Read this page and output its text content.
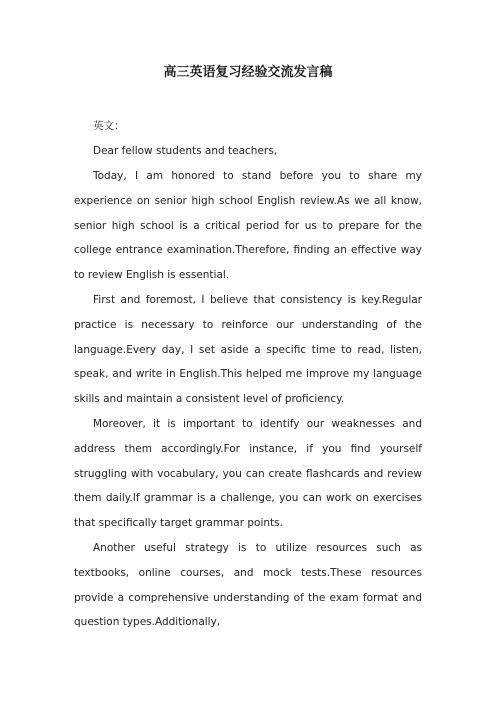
高三英语复习经验交流发言稿

英文：

Dear fellow students and teachers,

Today, I am honored to stand before you to share my experience on senior high school English review.As we all know, senior high school is a critical period for us to prepare for the college entrance examination.Therefore, finding an effective way to review English is essential.

First and foremost, I believe that consistency is key.Regular practice is necessary to reinforce our understanding of the language.Every day, I set aside a specific time to read, listen, speak, and write in English.This helped me improve my language skills and maintain a consistent level of proficiency.

Moreover, it is important to identify our weaknesses and address them accordingly.For instance, if you find yourself struggling with vocabulary, you can create flashcards and review them daily.If grammar is a challenge, you can work on exercises that specifically target grammar points.

Another useful strategy is to utilize resources such as textbooks, online courses, and mock tests.These resources provide a comprehensive understanding of the exam format and question types.Additionally,
